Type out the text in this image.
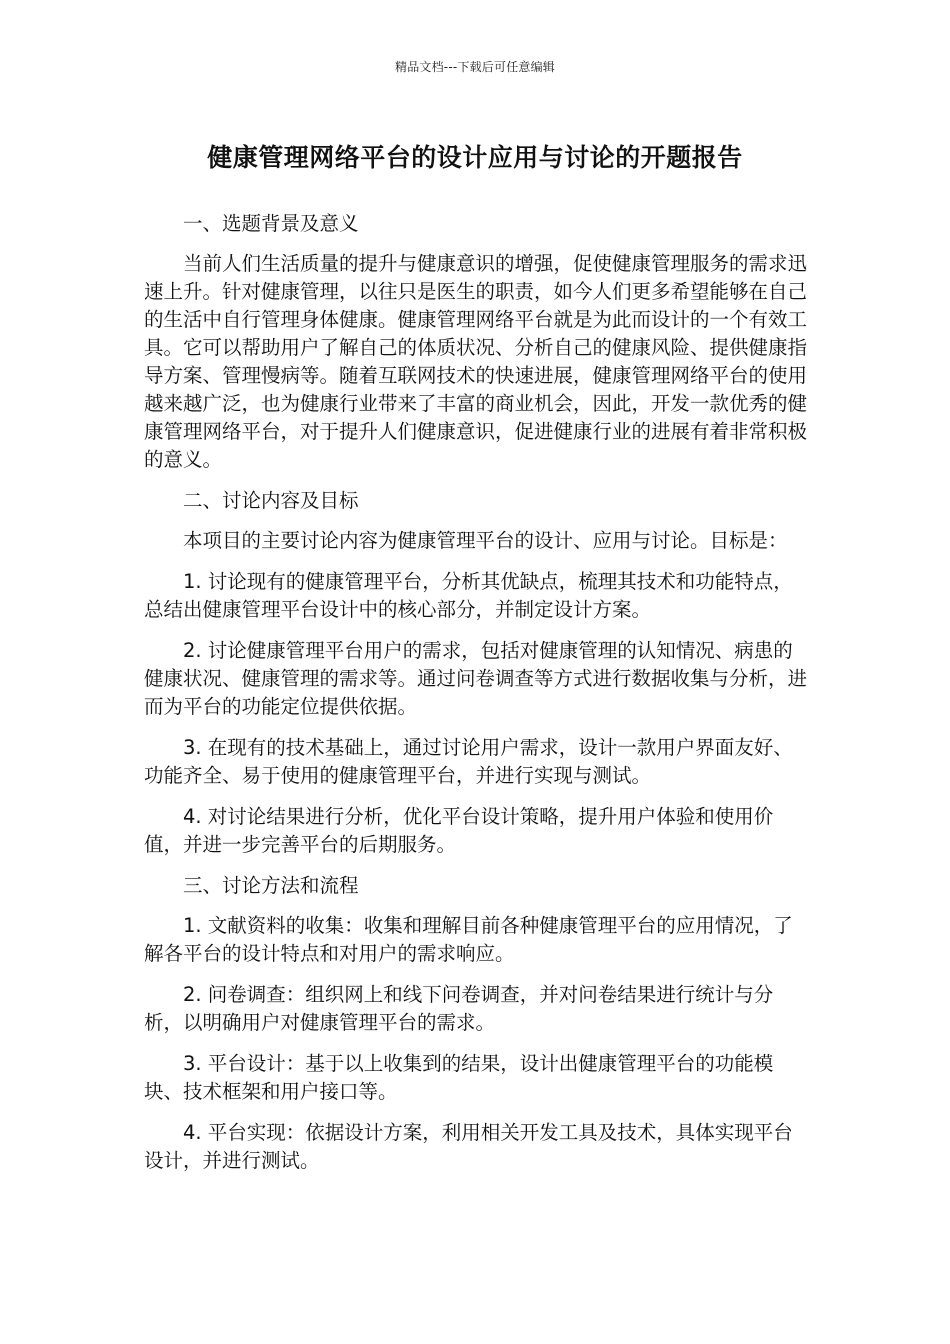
精品文档---下载后可任意编辑
健康管理网络平台的设计应用与讨论的开题报告

一、选题背景及意义

当前人们生活质量的提升与健康意识的增强，促使健康管理服务的需求迅速上升。针对健康管理，以往只是医生的职责，如今人们更多希望能够在自己的生活中自行管理身体健康。健康管理网络平台就是为此而设计的一个有效工具。它可以帮助用户了解自己的体质状况、分析自己的健康风险、提供健康指导方案、管理慢病等。随着互联网技术的快速进展，健康管理网络平台的使用越来越广泛，也为健康行业带来了丰富的商业机会，因此，开发一款优秀的健康管理网络平台，对于提升人们健康意识，促进健康行业的进展有着非常积极的意义。

二、讨论内容及目标

本项目的主要讨论内容为健康管理平台的设计、应用与讨论。目标是：

1. 讨论现有的健康管理平台，分析其优缺点，梳理其技术和功能特点，总结出健康管理平台设计中的核心部分，并制定设计方案。

2. 讨论健康管理平台用户的需求，包括对健康管理的认知情况、病患的健康状况、健康管理的需求等。通过问卷调查等方式进行数据收集与分析，进而为平台的功能定位提供依据。

3. 在现有的技术基础上，通过讨论用户需求，设计一款用户界面友好、功能齐全、易于使用的健康管理平台，并进行实现与测试。

4. 对讨论结果进行分析，优化平台设计策略，提升用户体验和使用价值，并进一步完善平台的后期服务。

三、讨论方法和流程

1. 文献资料的收集：收集和理解目前各种健康管理平台的应用情况，了解各平台的设计特点和对用户的需求响应。

2. 问卷调查：组织网上和线下问卷调查，并对问卷结果进行统计与分析，以明确用户对健康管理平台的需求。

3. 平台设计：基于以上收集到的结果，设计出健康管理平台的功能模块、技术框架和用户接口等。

4. 平台实现：依据设计方案，利用相关开发工具及技术，具体实现平台设计，并进行测试。
